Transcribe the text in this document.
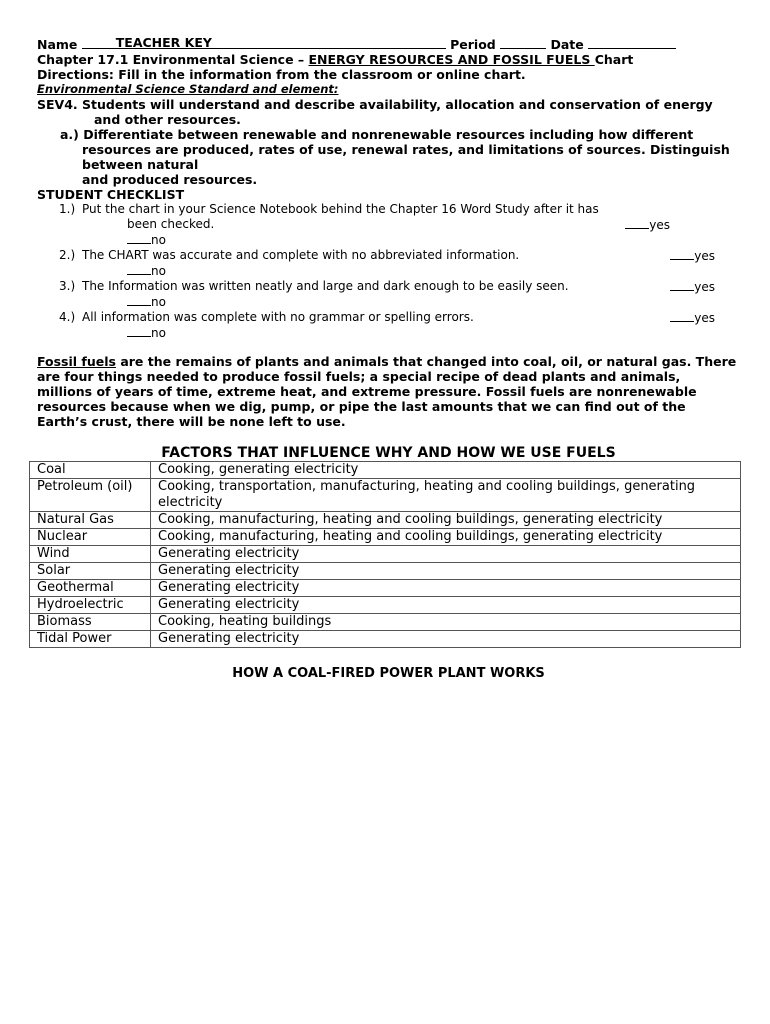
Name	TEACHER KEY	Period	Date
Chapter 17.1 Environmental Science – ENERGY RESOURCES AND FOSSIL FUELS Chart
Directions: Fill in the information from the classroom or online chart.
Environmental Science Standard and element:
SEV4. Students will understand and describe availability, allocation and conservation of energy
and other resources.
a.) Differentiate between renewable and nonrenewable resources including how different resources are produced, rates of use, renewal rates, and limitations of sources. Distinguish between natural
and produced resources.
STUDENT CHECKLIST
1.) Put the chart in your Science Notebook behind the Chapter 16 Word Study after it has
been checked.	yes
no
2.) The CHART was accurate and complete with no abbreviated information.	yes
no
3.) The Information was written neatly and large and dark enough to be easily seen.	yes
no
4.) All information was complete with no grammar or spelling errors.	yes
no
Fossil fuels are the remains of plants and animals that changed into coal, oil, or natural gas. There are four things needed to produce fossil fuels; a special recipe of dead plants and animals, millions of years of time, extreme heat, and extreme pressure. Fossil fuels are nonrenewable resources because when we dig, pump, or pipe the last amounts that we can find out of the Earth’s crust, there will be none left to use.
FACTORS THAT INFLUENCE WHY AND HOW WE USE FUELS
Coal	Cooking, generating electricity
Petroleum (oil)	Cooking, transportation, manufacturing, heating and cooling buildings, generating electricity
Natural Gas	Cooking, manufacturing, heating and cooling buildings, generating electricity
Nuclear	Cooking, manufacturing, heating and cooling buildings, generating electricity
Wind	Generating electricity
Solar	Generating electricity
Geothermal	Generating electricity
Hydroelectric	Generating electricity
Biomass	Cooking, heating buildings
Tidal Power	Generating electricity
HOW A COAL-FIRED POWER PLANT WORKS
